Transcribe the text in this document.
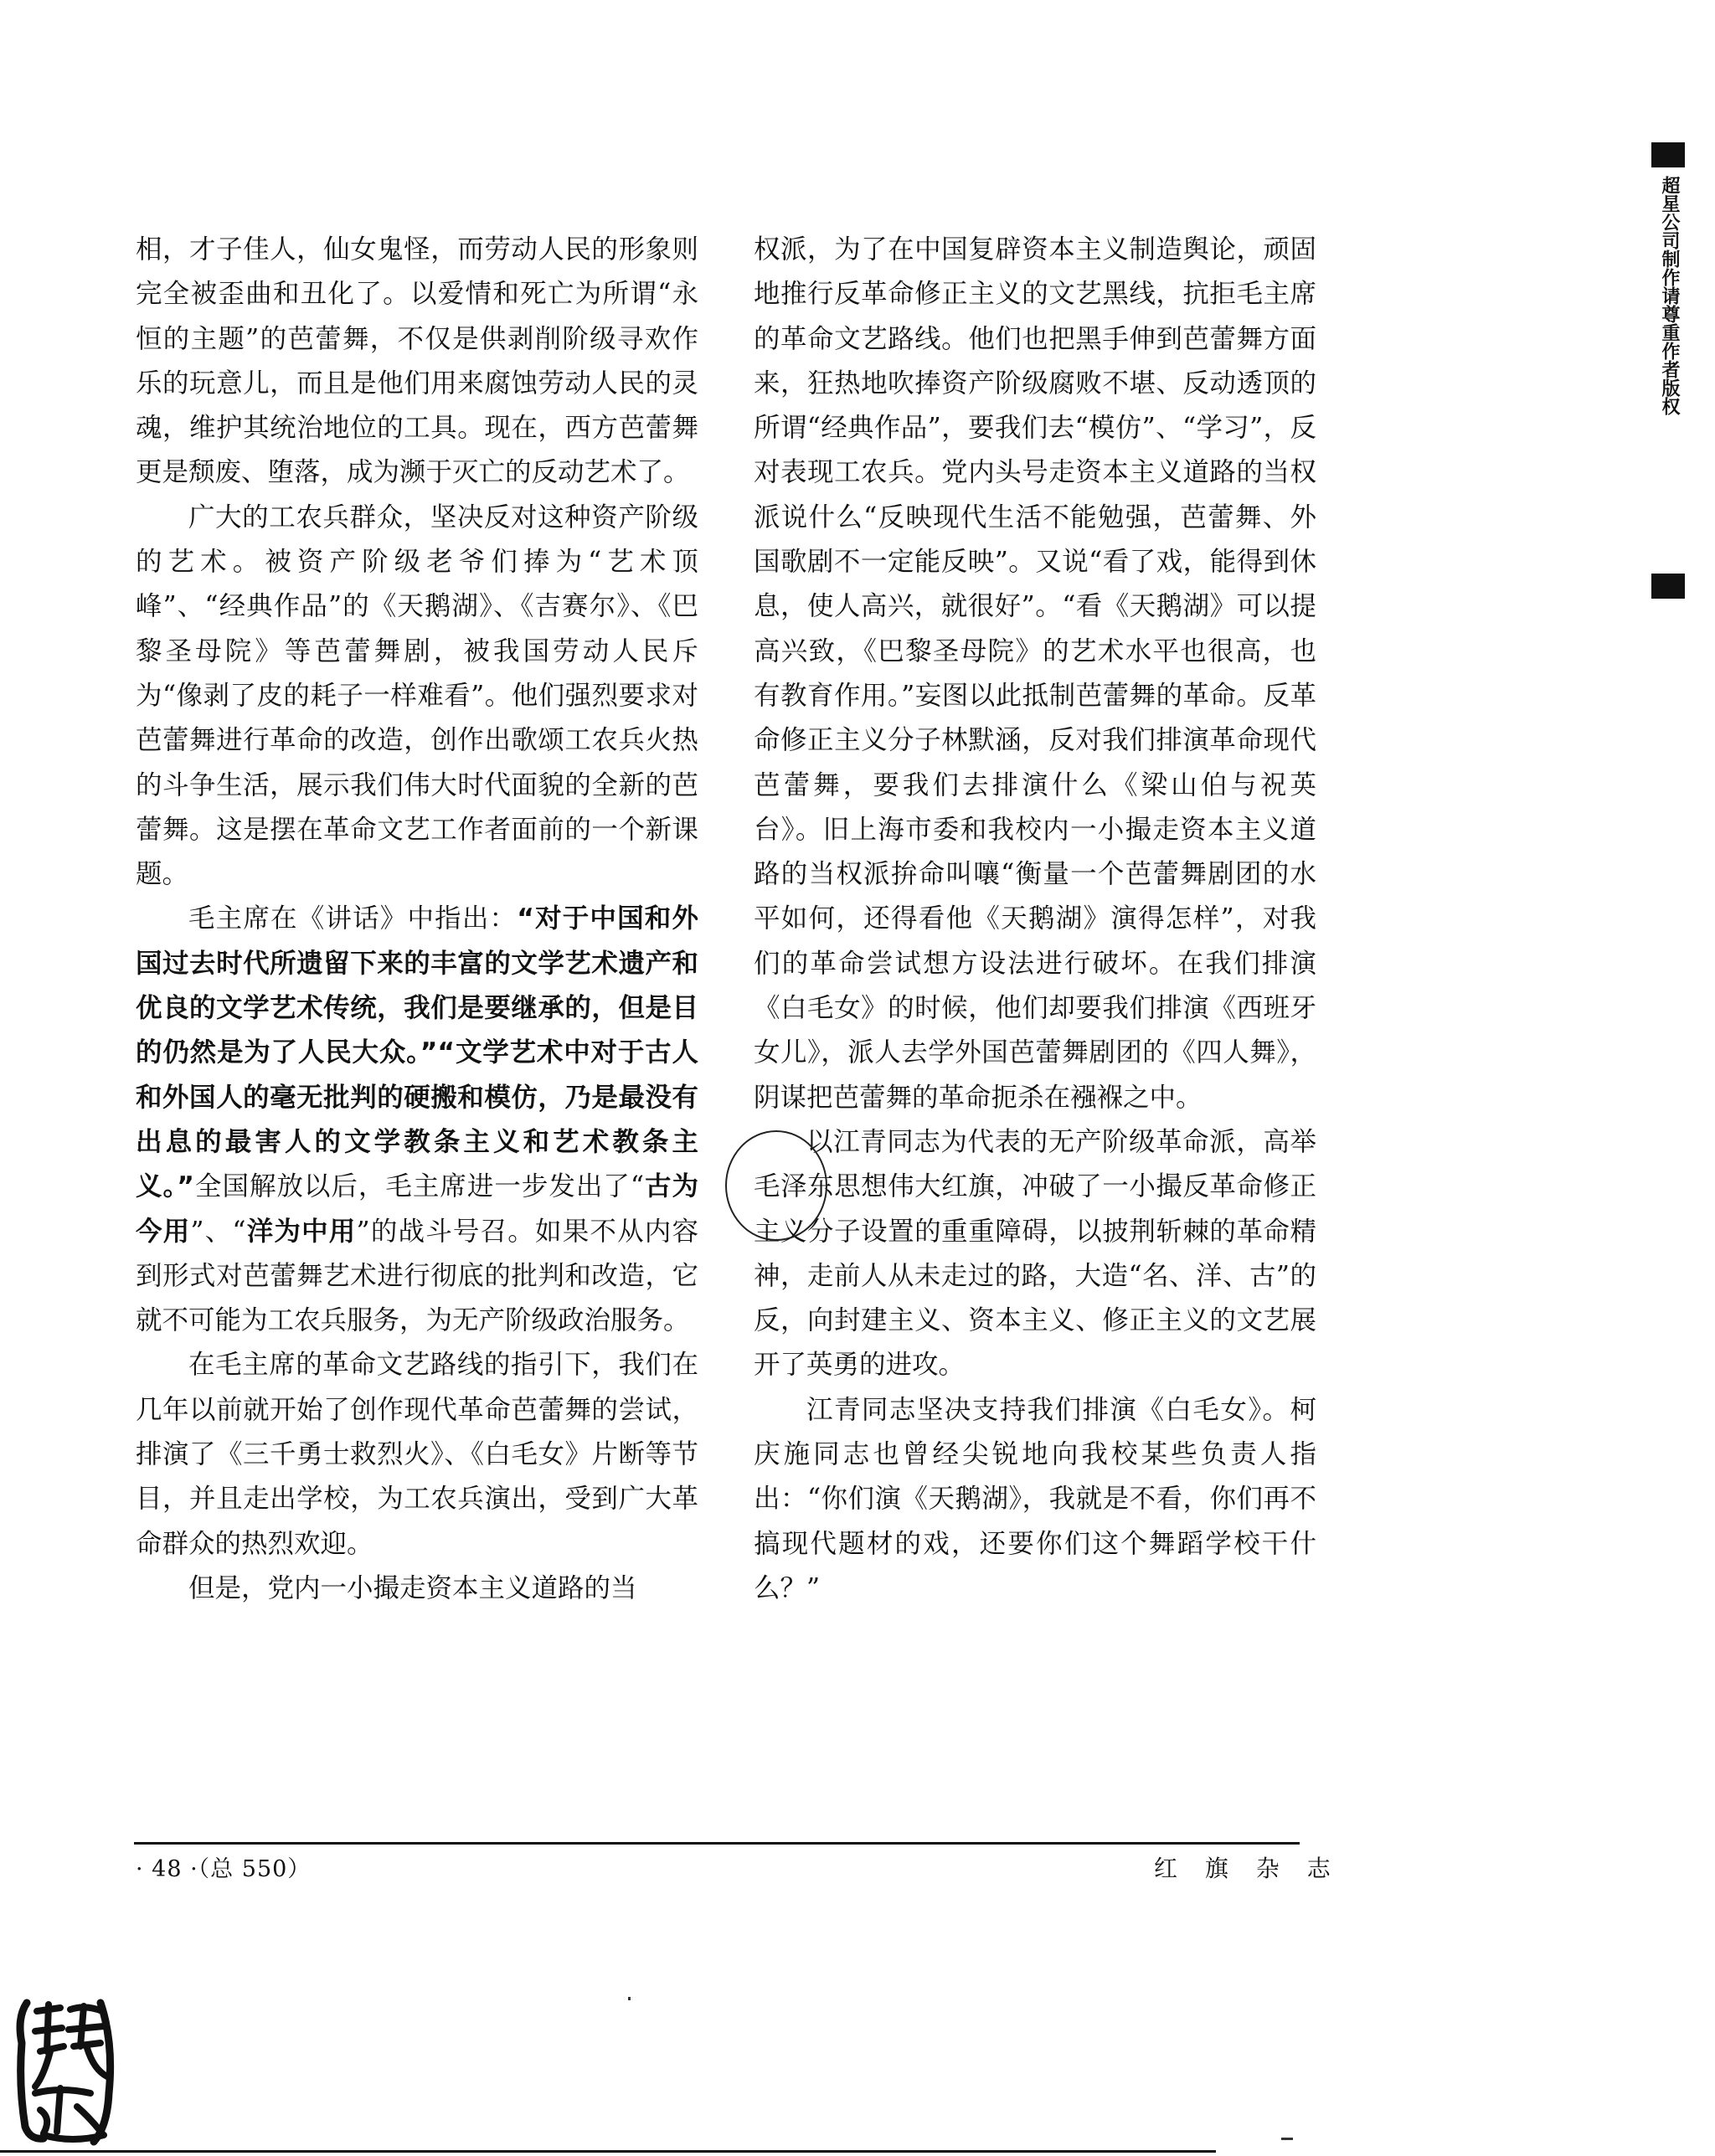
超星公司制作请尊重作者版权

相，才子佳人，仙女鬼怪，而劳动人民的形象则完全被歪曲和丑化了。以爱情和死亡为所谓“永恒的主题”的芭蕾舞，不仅是供剥削阶级寻欢作乐的玩意儿，而且是他们用来腐蚀劳动人民的灵魂，维护其统治地位的工具。现在，西方芭蕾舞更是颓废、堕落，成为濒于灭亡的反动艺术了。

广大的工农兵群众，坚决反对这种资产阶级的艺术。被资产阶级老爷们捧为“艺术顶峰”、“经典作品”的《天鹅湖》、《吉赛尔》、《巴黎圣母院》等芭蕾舞剧，被我国劳动人民斥为“像剥了皮的耗子一样难看”。他们强烈要求对芭蕾舞进行革命的改造，创作出歌颂工农兵火热的斗争生活，展示我们伟大时代面貌的全新的芭蕾舞。这是摆在革命文艺工作者面前的一个新课题。

毛主席在《讲话》中指出：“对于中国和外国过去时代所遗留下来的丰富的文学艺术遗产和优良的文学艺术传统，我们是要继承的，但是目的仍然是为了人民大众。”“文学艺术中对于古人和外国人的毫无批判的硬搬和模仿，乃是最没有出息的最害人的文学教条主义和艺术教条主义。”全国解放以后，毛主席进一步发出了“古为今用”、“洋为中用”的战斗号召。如果不从内容到形式对芭蕾舞艺术进行彻底的批判和改造，它就不可能为工农兵服务，为无产阶级政治服务。

在毛主席的革命文艺路线的指引下，我们在几年以前就开始了创作现代革命芭蕾舞的尝试，排演了《三千勇士救烈火》、《白毛女》片断等节目，并且走出学校，为工农兵演出，受到广大革命群众的热烈欢迎。

但是，党内一小撮走资本主义道路的当

权派，为了在中国复辟资本主义制造舆论，顽固地推行反革命修正主义的文艺黑线，抗拒毛主席的革命文艺路线。他们也把黑手伸到芭蕾舞方面来，狂热地吹捧资产阶级腐败不堪、反动透顶的所谓“经典作品”，要我们去“模仿”、“学习”，反对表现工农兵。党内头号走资本主义道路的当权派说什么“反映现代生活不能勉强，芭蕾舞、外国歌剧不一定能反映”。又说“看了戏，能得到休息，使人高兴，就很好”。“看《天鹅湖》可以提高兴致，《巴黎圣母院》的艺术水平也很高，也有教育作用。”妄图以此抵制芭蕾舞的革命。反革命修正主义分子林默涵，反对我们排演革命现代芭蕾舞，要我们去排演什么《梁山伯与祝英台》。旧上海市委和我校内一小撮走资本主义道路的当权派拚命叫嚷“衡量一个芭蕾舞剧团的水平如何，还得看他《天鹅湖》演得怎样”，对我们的革命尝试想方设法进行破坏。在我们排演《白毛女》的时候，他们却要我们排演《西班牙女儿》，派人去学外国芭蕾舞剧团的《四人舞》，阴谋把芭蕾舞的革命扼杀在襁褓之中。

以江青同志为代表的无产阶级革命派，高举毛泽东思想伟大红旗，冲破了一小撮反革命修正主义分子设置的重重障碍，以披荆斩棘的革命精神，走前人从未走过的路，大造“名、洋、古”的反，向封建主义、资本主义、修正主义的文艺展开了英勇的进攻。

江青同志坚决支持我们排演《白毛女》。柯庆施同志也曾经尖锐地向我校某些负责人指出：“你们演《天鹅湖》，我就是不看，你们再不搞现代题材的戏，还要你们这个舞蹈学校干什么？”

· 48 ·（总 550）	红 旗 杂 志
